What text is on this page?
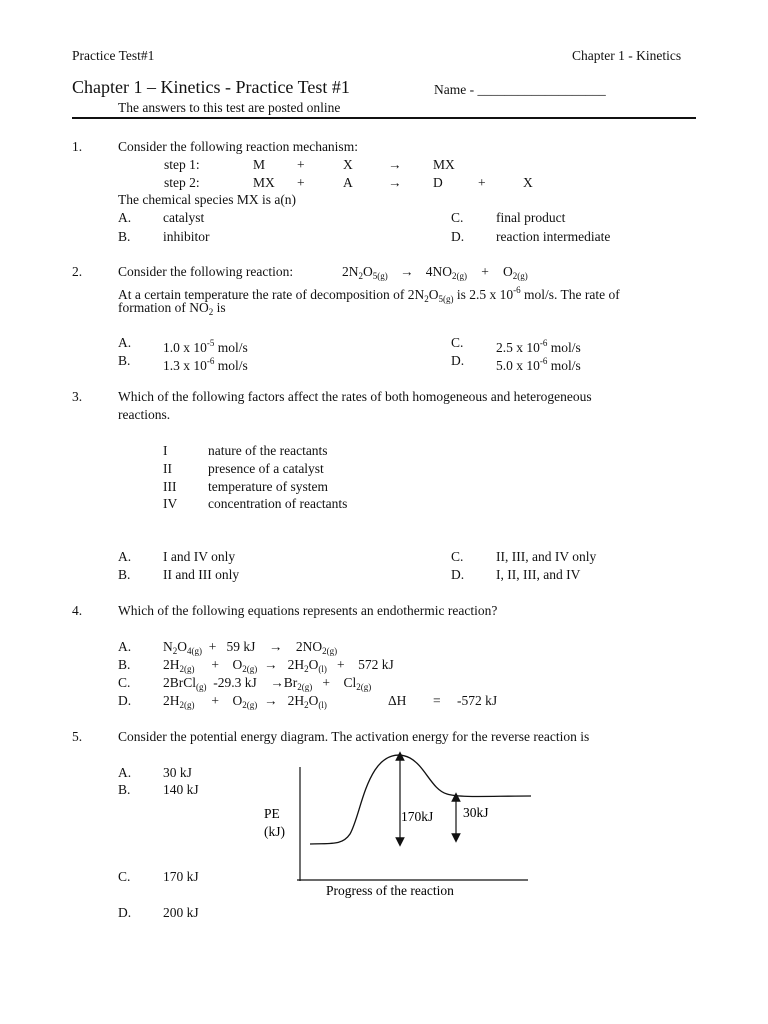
Practice Test#1	Chapter 1 - Kinetics
Chapter 1 – Kinetics - Practice Test #1	Name - ___________________
The answers to this test are posted online
1.	Consider the following reaction mechanism:
step 1:	M +	X	→ MX
step 2:	MX +	A	→ D	+	X
The chemical species MX is a(n)
A. catalyst
B. inhibitor
C. final product
D. reaction intermediate
2.	Consider the following reaction:	$2N_2O_{5(g)} \to 4NO_{2(g)} + O_{2(g)}$
At a certain temperature the rate of decomposition of $2N_2O_{5(g)}$ is 2.5 x $10^{-6}$ mol/s. The rate of
formation of $NO_2$ is
A. 1.0 x $10^{-5}$ mol/s
B. 1.3 x $10^{-6}$ mol/s
C. 2.5 x $10^{-6}$ mol/s
D. 5.0 x $10^{-6}$ mol/s
3.	Which of the following factors affect the rates of both homogeneous and heterogeneous
reactions.
I	nature of the reactants
II	presence of a catalyst
III temperature of system
IV concentration of reactants
A. I and IV only
B. II and III only
C. II, III, and IV only
D. I, II, III, and IV
4.	Which of the following equations represents an endothermic reaction?
A. $N_2O_{4(g)} + 59$ kJ    →    $2NO_{2(g)}$
B. $2H_{2(g)}$     +    $O_{2(g)} \to 2H_2O_{(l)}$   +    572 kJ
C. 2BrCl$_{(g)}$  -29.3 kJ    $\to Br_{2(g)}$   +    $Cl_{2(g)}$
D. $2H_{2(g)}$     +    $O_{2(g)} \to 2H_2O_{(l)}$	ΔH = -572 kJ
5.	Consider the potential energy diagram. The activation energy for the reverse reaction is
A. 30 kJ
B. 140 kJ
C. 170 kJ
D. 200 kJ
PE
(kJ)
170kJ 30kJ
Progress of the reaction
